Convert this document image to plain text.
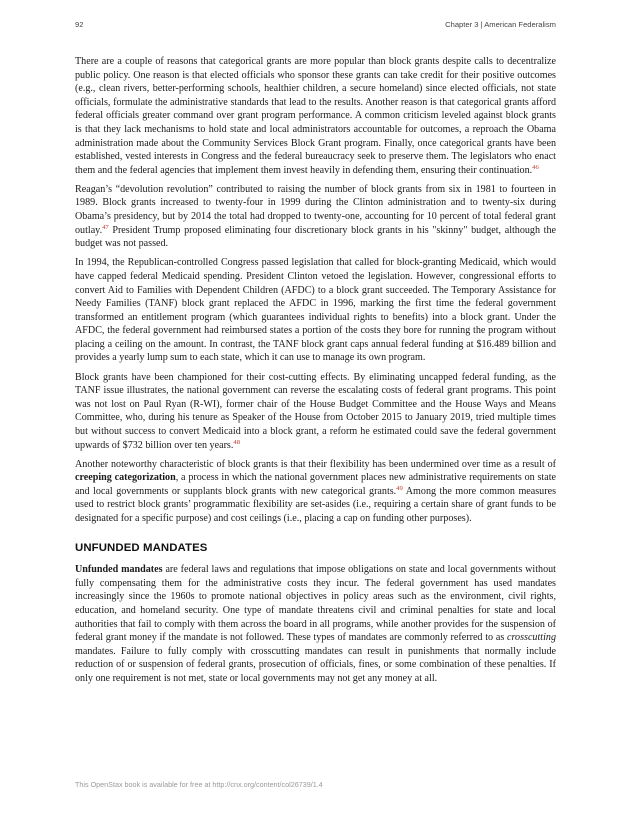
92	Chapter 3 | American Federalism

There are a couple of reasons that categorical grants are more popular than block grants despite calls to decentralize public policy. One reason is that elected officials who sponsor these grants can take credit for their positive outcomes (e.g., clean rivers, better-performing schools, healthier children, a secure homeland) since elected officials, not state officials, formulate the administrative standards that lead to the results. Another reason is that categorical grants afford federal officials greater command over grant program performance. A common criticism leveled against block grants is that they lack mechanisms to hold state and local administrators accountable for outcomes, a reproach the Obama administration made about the Community Services Block Grant program. Finally, once categorical grants have been established, vested interests in Congress and the federal bureaucracy seek to preserve them. The legislators who enact them and the federal agencies that implement them invest heavily in defending them, ensuring their continuation.$^{46}$

Reagan’s “devolution revolution” contributed to raising the number of block grants from six in 1981 to fourteen in 1989. Block grants increased to twenty-four in 1999 during the Clinton administration and to twenty-six during Obama’s presidency, but by 2014 the total had dropped to twenty-one, accounting for 10 percent of total federal grant outlay.$^{47}$ President Trump proposed eliminating four discretionary block grants in his "skinny" budget, although the budget was not passed.

In 1994, the Republican-controlled Congress passed legislation that called for block-granting Medicaid, which would have capped federal Medicaid spending. President Clinton vetoed the legislation. However, congressional efforts to convert Aid to Families with Dependent Children (AFDC) to a block grant succeeded. The Temporary Assistance for Needy Families (TANF) block grant replaced the AFDC in 1996, marking the first time the federal government transformed an entitlement program (which guarantees individual rights to benefits) into a block grant. Under the AFDC, the federal government had reimbursed states a portion of the costs they bore for running the program without placing a ceiling on the amount. In contrast, the TANF block grant caps annual federal funding at $16.489 billion and provides a yearly lump sum to each state, which it can use to manage its own program.

Block grants have been championed for their cost-cutting effects. By eliminating uncapped federal funding, as the TANF issue illustrates, the national government can reverse the escalating costs of federal grant programs. This point was not lost on Paul Ryan (R-WI), former chair of the House Budget Committee and the House Ways and Means Committee, who, during his tenure as Speaker of the House from October 2015 to January 2019, tried multiple times but without success to convert Medicaid into a block grant, a reform he estimated could save the federal government upwards of $732 billion over ten years.$^{48}$

Another noteworthy characteristic of block grants is that their flexibility has been undermined over time as a result of creeping categorization, a process in which the national government places new administrative requirements on state and local governments or supplants block grants with new categorical grants.$^{49}$ Among the more common measures used to restrict block grants’ programmatic flexibility are set-asides (i.e., requiring a certain share of grant funds to be designated for a specific purpose) and cost ceilings (i.e., placing a cap on funding other purposes).

UNFUNDED MANDATES

Unfunded mandates are federal laws and regulations that impose obligations on state and local governments without fully compensating them for the administrative costs they incur. The federal government has used mandates increasingly since the 1960s to promote national objectives in policy areas such as the environment, civil rights, education, and homeland security. One type of mandate threatens civil and criminal penalties for state and local authorities that fail to comply with them across the board in all programs, while another provides for the suspension of federal grant money if the mandate is not followed. These types of mandates are commonly referred to as crosscutting mandates. Failure to fully comply with crosscutting mandates can result in punishments that normally include reduction of or suspension of federal grants, prosecution of officials, fines, or some combination of these penalties. If only one requirement is not met, state or local governments may not get any money at all.

This OpenStax book is available for free at http://cnx.org/content/col26739/1.4
